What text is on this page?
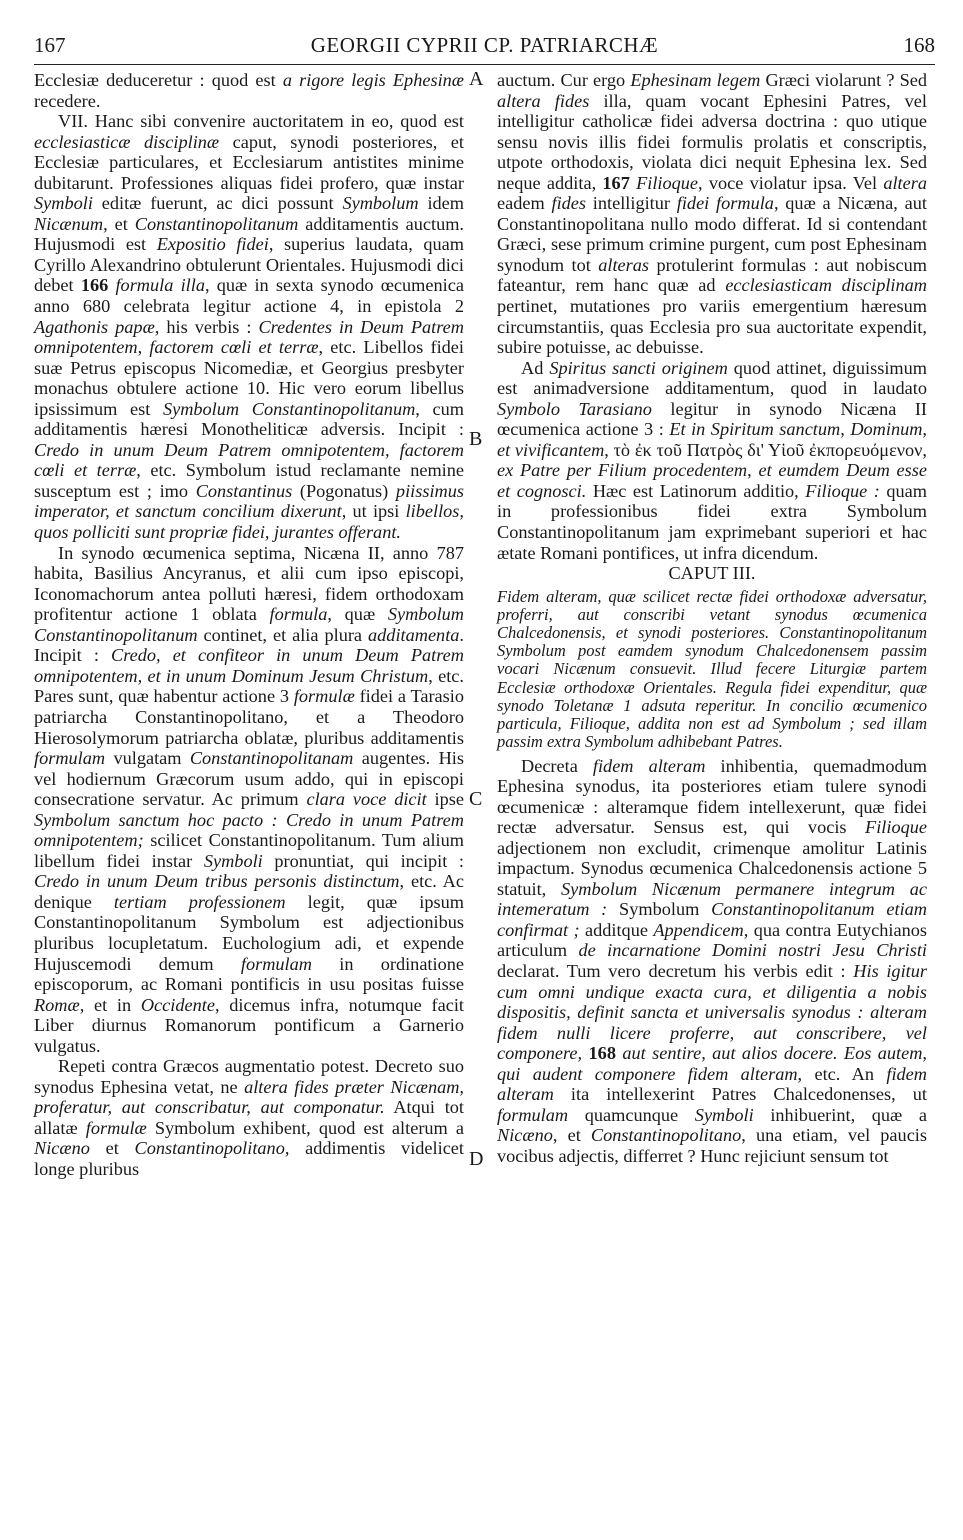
167	GEORGII CYPRII CP. PATRIARCHÆ	168
A
B
C
D

Ecclesiæ deduceretur : quod est a rigore legis Ephesinæ recedere.

VII. Hanc sibi convenire auctoritatem in eo, quod est ecclesiasticæ disciplinæ caput, synodi posteriores, et Ecclesiæ particulares, et Ecclesiarum antistites minime dubitarunt. Professiones aliquas fidei profero, quæ instar Symboli editæ fuerunt, ac dici possunt Symbolum idem Nicænum, et Constantinopolitanum additamentis auctum. Hujusmodi est Expositio fidei, superius laudata, quam Cyrillo Alexandrino obtulerunt Orientales. Hujusmodi dici debet 166 formula illa, quæ in sexta synodo œcumenica anno 680 celebrata legitur actione 4, in epistola 2 Agathonis papæ, his verbis : Credentes in Deum Patrem omnipotentem, factorem cœli et terræ, etc. Libellos fidei suæ Petrus episcopus Nicomediæ, et Georgius presbyter monachus obtulere actione 10. Hic vero eorum libellus ipsissimum est Symbolum Constantinopolitanum, cum additamentis hæresi Monotheliticæ adversis. Incipit : Credo in unum Deum Patrem omnipotentem, factorem cœli et terræ, etc. Symbolum istud reclamante nemine susceptum est ; imo Constantinus (Pogonatus) piissimus imperator, et sanctum concilium dixerunt, ut ipsi libellos, quos polliciti sunt propriæ fidei, jurantes offerant.

In synodo œcumenica septima, Nicæna II, anno 787 habita, Basilius Ancyranus, et alii cum ipso episcopi, Iconomachorum antea polluti hæresi, fidem orthodoxam profitentur actione 1 oblata formula, quæ Symbolum Constantinopolitanum continet, et alia plura additamenta. Incipit : Credo, et confiteor in unum Deum Patrem omnipotentem, et in unum Dominum Jesum Christum, etc. Pares sunt, quæ habentur actione 3 formulæ fidei a Tarasio patriarcha Constantinopolitano, et a Theodoro Hierosolymorum patriarcha oblatæ, pluribus additamentis formulam vulgatam Constantinopolitanam augentes. His vel hodiernum Græcorum usum addo, qui in episcopi consecratione servatur. Ac primum clara voce dicit ipse Symbolum sanctum hoc pacto : Credo in unum Patrem omnipotentem; scilicet Constantinopolitanum. Tum alium libellum fidei instar Symboli pronuntiat, qui incipit : Credo in unum Deum tribus personis distinctum, etc. Ac denique tertiam professionem legit, quæ ipsum Constantinopolitanum Symbolum est adjectionibus pluribus locupletatum. Euchologium adi, et expende Hujuscemodi demum formulam in ordinatione episcoporum, ac Romani pontificis in usu positas fuisse Romæ, et in Occidente, dicemus infra, notumque facit Liber diurnus Romanorum pontificum a Garnerio vulgatus.

Repeti contra Græcos augmentatio potest. Decreto suo synodus Ephesina vetat, ne altera fides præter Nicænam, proferatur, aut conscribatur, aut componatur. Atqui tot allatæ formulæ Symbolum exhibent, quod est alterum a Nicæno et Constantinopolitano, addimentis videlicet longe pluribus

auctum. Cur ergo Ephesinam legem Græci violarunt ? Sed altera fides illa, quam vocant Ephesini Patres, vel intelligitur catholicæ fidei adversa doctrina : quo utique sensu novis illis fidei formulis prolatis et conscriptis, utpote orthodoxis, violata dici nequit Ephesina lex. Sed neque addita, 167 Filioque, voce violatur ipsa. Vel altera eadem fides intelligitur fidei formula, quæ a Nicæna, aut Constantinopolitana nullo modo differat. Id si contendant Græci, sese primum crimine purgent, cum post Ephesinam synodum tot alteras protulerint formulas : aut nobiscum fateantur, rem hanc quæ ad ecclesiasticam disciplinam pertinet, mutationes pro variis emergentium hæresum circumstantiis, quas Ecclesia pro sua auctoritate expendit, subire potuisse, ac debuisse.

Ad Spiritus sancti originem quod attinet, diguissimum est animadversione additamentum, quod in laudato Symbolo Tarasiano legitur in synodo Nicæna II œcumenica actione 3 : Et in Spiritum sanctum, Dominum, et vivificantem, τὸ ἐκ τοῦ Πατρὸς δι' Υἱοῦ ἐκπορευόμενον, ex Patre per Filium procedentem, et eumdem Deum esse et cognosci. Hæc est Latinorum additio, Filioque : quam in professionibus fidei extra Symbolum Constantinopolitanum jam exprimebant superiori et hac ætate Romani pontifices, ut infra dicendum.

CAPUT III.

Fidem alteram, quæ scilicet rectæ fidei orthodoxæ adversatur, proferri, aut conscribi vetant synodus œcumenica Chalcedonensis, et synodi posteriores. Constantinopolitanum Symbolum post eamdem synodum Chalcedonensem passim vocari Nicænum consuevit. Illud fecere Liturgiæ partem Ecclesiæ orthodoxæ Orientales. Regula fidei expenditur, quæ synodo Toletanæ 1 adsuta reperitur. In concilio œcumenico particula, Filioque, addita non est ad Symbolum ; sed illam passim extra Symbolum adhibebant Patres.

Decreta fidem alteram inhibentia, quemadmodum Ephesina synodus, ita posteriores etiam tulere synodi œcumenicæ : alteramque fidem intellexerunt, quæ fidei rectæ adversatur. Sensus est, qui vocis Filioque adjectionem non excludit, crimenque amolitur Latinis impactum. Synodus œcumenica Chalcedonensis actione 5 statuit, Symbolum Nicænum permanere integrum ac intemeratum : Symbolum Constantinopolitanum etiam confirmat ; additque Appendicem, qua contra Eutychianos articulum de incarnatione Domini nostri Jesu Christi declarat. Tum vero decretum his verbis edit : His igitur cum omni undique exacta cura, et diligentia a nobis dispositis, definit sancta et universalis synodus : alteram fidem nulli licere proferre, aut conscribere, vel componere, 168 aut sentire, aut alios docere. Eos autem, qui audent componere fidem alteram, etc. An fidem alteram ita intellexerint Patres Chalcedonenses, ut formulam quamcunque Symboli inhibuerint, quæ a Nicæno, et Constantinopolitano, una etiam, vel paucis vocibus adjectis, differret ? Hunc rejiciunt sensum tot
